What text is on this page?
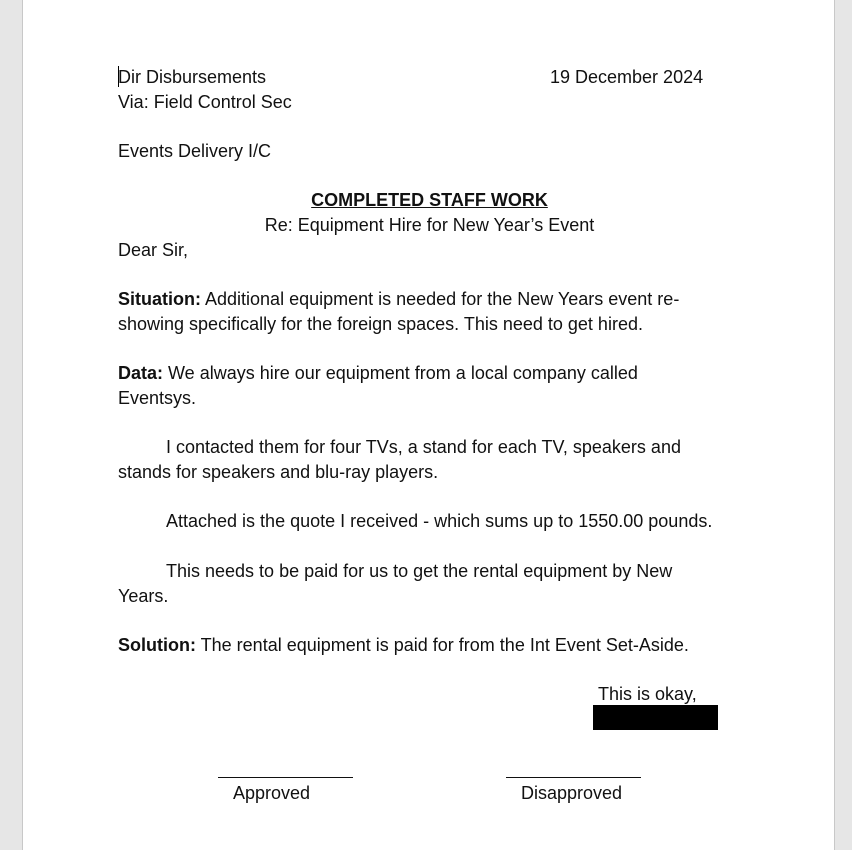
Dir Disbursements	19 December 2024
Via: Field Control Sec
Events Delivery I/C
COMPLETED STAFF WORK
Re: Equipment Hire for New Year’s Event
Dear Sir,
Situation: Additional equipment is needed for the New Years event re-
showing specifically for the foreign spaces. This need to get hired.
Data: We always hire our equipment from a local company called
Eventsys.
I contacted them for four TVs, a stand for each TV, speakers and
stands for speakers and blu-ray players.
Attached is the quote I received - which sums up to 1550.00 pounds.
This needs to be paid for us to get the rental equipment by New
Years.
Solution: The rental equipment is paid for from the Int Event Set-Aside.
This is okay,
Approved	Disapproved
